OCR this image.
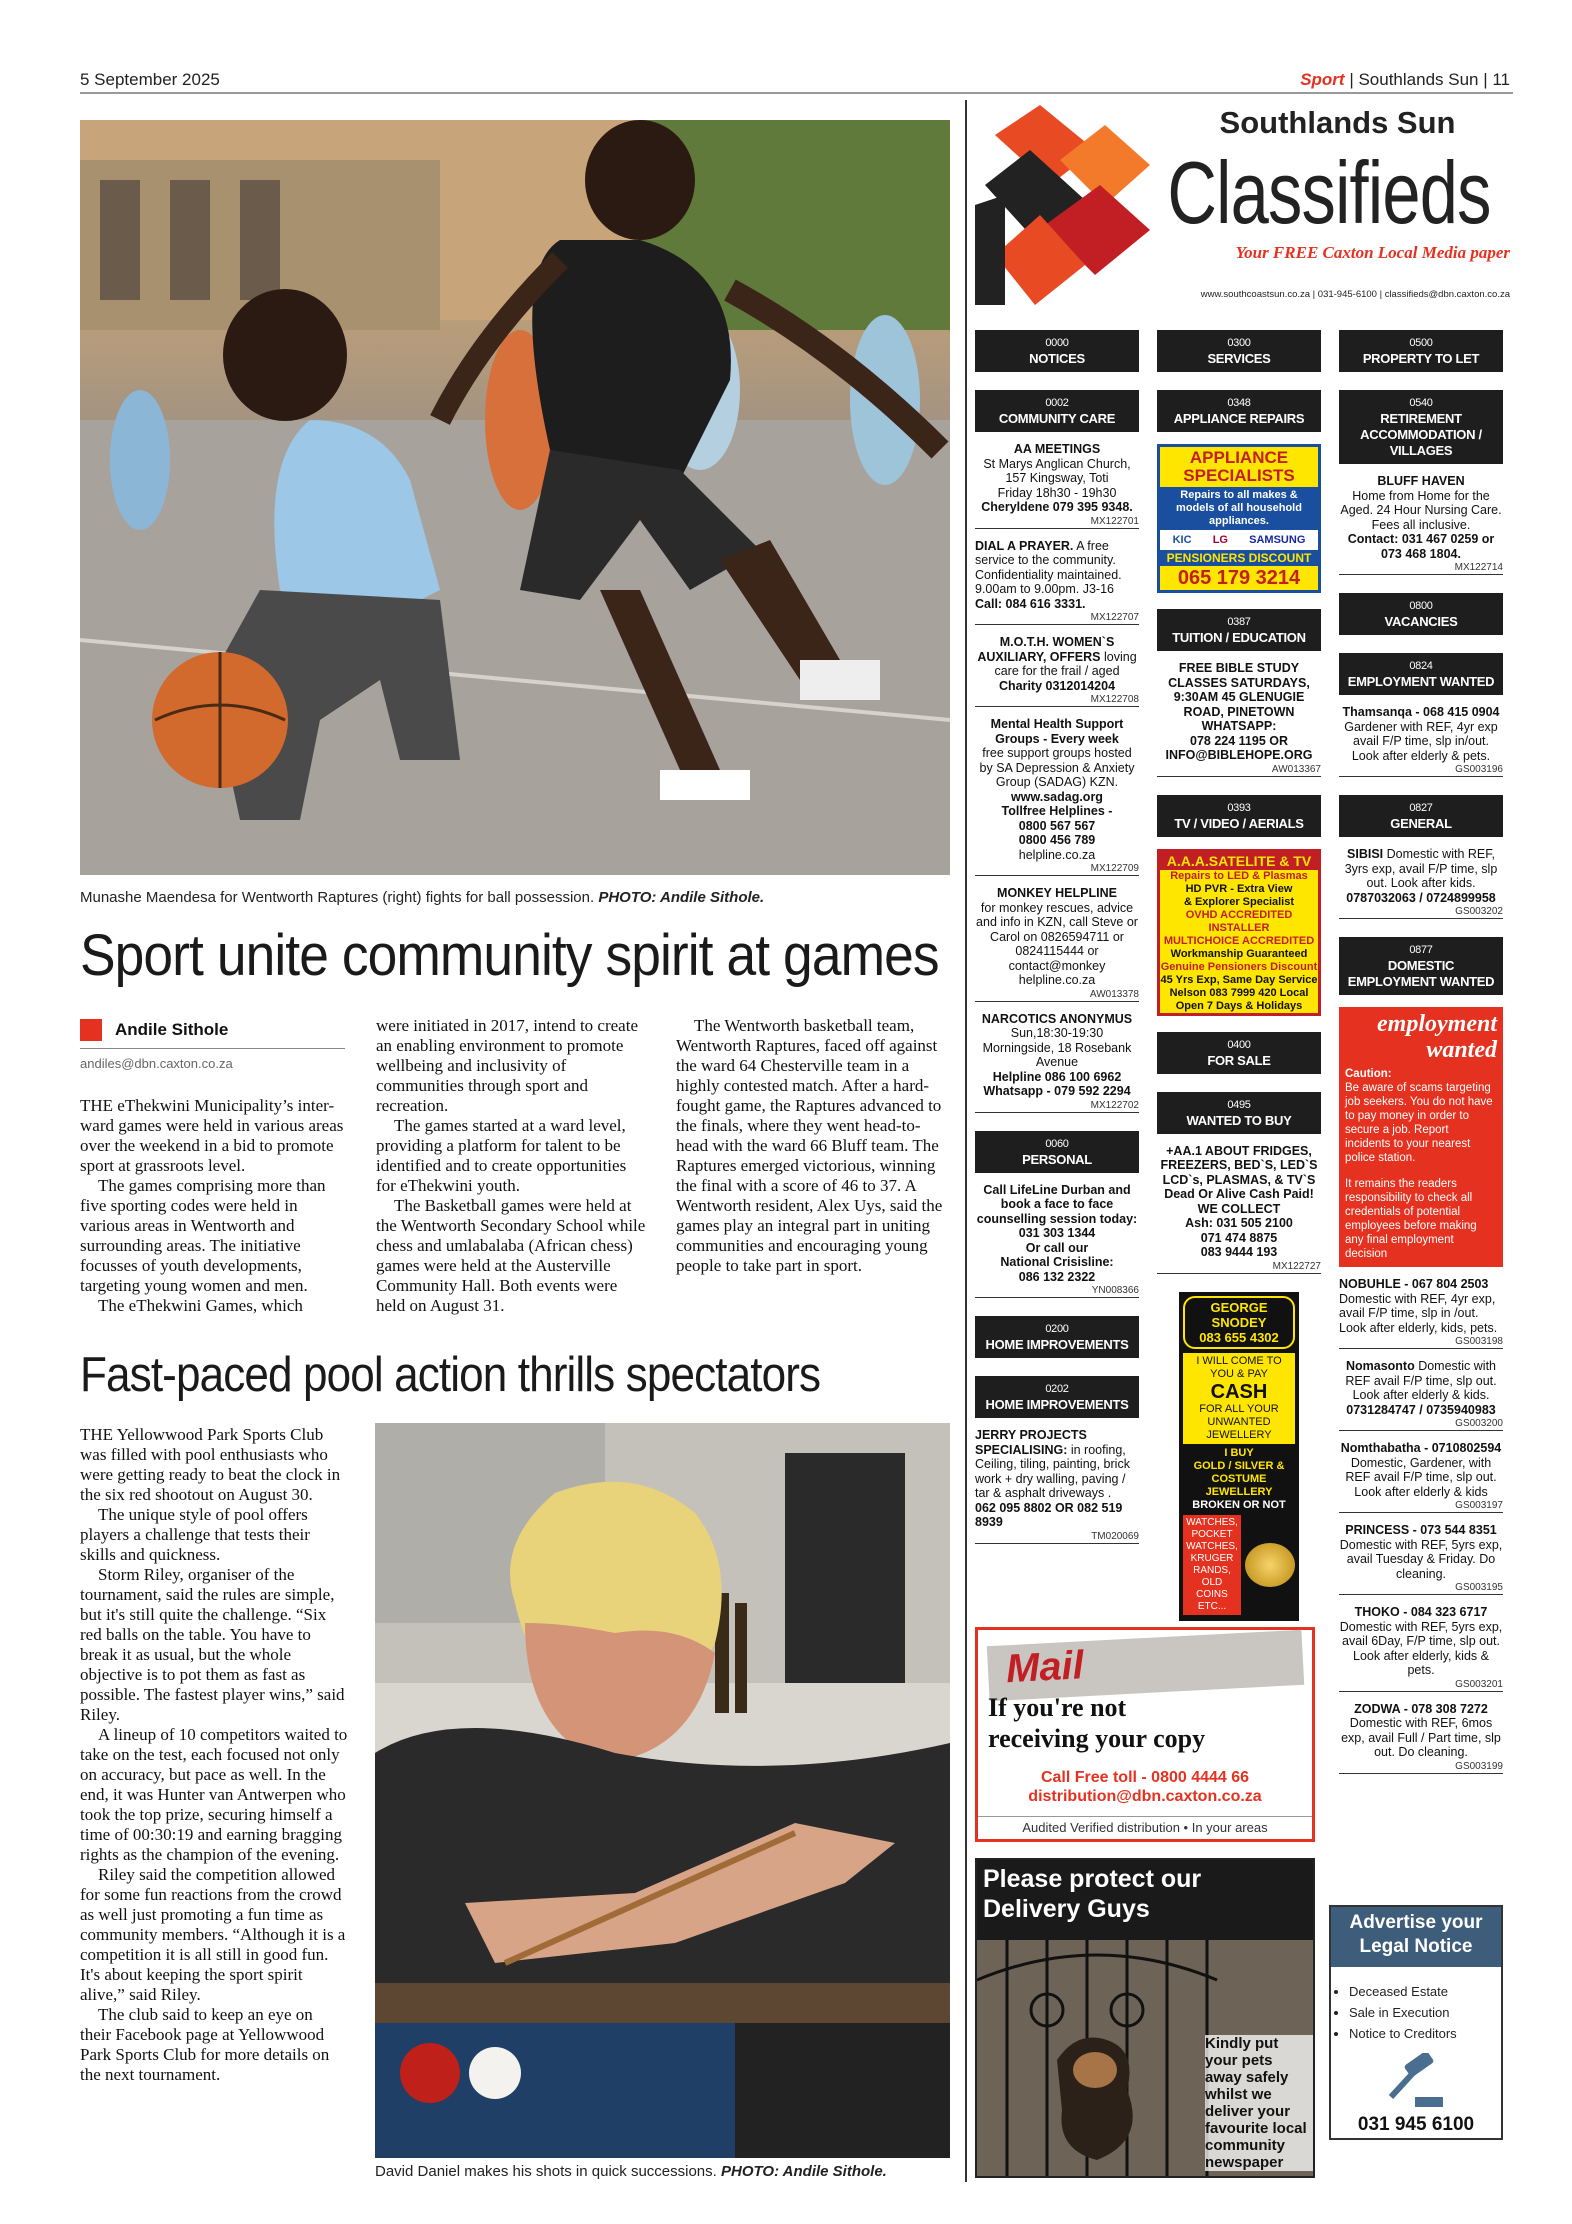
5 September 2025	Sport | Southlands Sun | 11
Munashe Maendesa for Wentworth Raptures (right) fights for ball possession. PHOTO: Andile Sithole.
Sport unite community spirit at games
Andile Sithole
andiles@dbn.caxton.co.za

THE eThekwini Municipality’s inter-ward games were held in various areas over the weekend in a bid to promote sport at grassroots level.

The games comprising more than five sporting codes were held in various areas in Wentworth and surrounding areas. The initiative focusses of youth developments, targeting young women and men.

The eThekwini Games, which

were initiated in 2017, intend to create an enabling environment to promote wellbeing and inclusivity of communities through sport and recreation.

The games started at a ward level, providing a platform for talent to be identified and to create opportunities for eThekwini youth.

The Basketball games were held at the Wentworth Secondary School while chess and umlabalaba (African chess) games were held at the Austerville Community Hall. Both events were held on August 31.

The Wentworth basketball team, Wentworth Raptures, faced off against the ward 64 Chesterville team in a highly contested match. After a hard-fought game, the Raptures advanced to the finals, where they went head-to-head with the ward 66 Bluff team. The Raptures emerged victorious, winning the final with a score of 46 to 37. A Wentworth resident, Alex Uys, said the games play an integral part in uniting communities and encouraging young people to take part in sport.

Fast-paced pool action thrills spectators

THE Yellowwood Park Sports Club was filled with pool enthusiasts who were getting ready to beat the clock in the six red shootout on August 30.

The unique style of pool offers players a challenge that tests their skills and quickness.

Storm Riley, organiser of the tournament, said the rules are simple, but it's still quite the challenge. “Six red balls on the table. You have to break it as usual, but the whole objective is to pot them as fast as possible. The fastest player wins,” said Riley.

A lineup of 10 competitors waited to take on the test, each focused not only on accuracy, but pace as well. In the end, it was Hunter van Antwerpen who took the top prize, securing himself a time of 00:30:19 and earning bragging rights as the champion of the evening.

Riley said the competition allowed for some fun reactions from the crowd as well just promoting a fun time as community members. “Although it is a competition it is all still in good fun. It's about keeping the sport spirit alive,” said Riley.

The club said to keep an eye on their Facebook page at Yellowwood Park Sports Club for more details on the next tournament.

David Daniel makes his shots in quick successions. PHOTO: Andile Sithole.
Southlands Sun
Classifieds
Your FREE Caxton Local Media paper
www.southcoastsun.co.za | 031-945-6100 | classifieds@dbn.caxton.co.za
0000
NOTICES
0002
COMMUNITY CARE
AA MEETINGS
St Marys Anglican Church, 157 Kingsway, Toti
Friday 18h30 - 19h30
Cheryldene 079 395 9348.
MX122701
DIAL A PRAYER. A free service to the community. Confidentiality maintained. 9.00am to 9.00pm. J3-16
Call: 084 616 3331.
MX122707
M.O.T.H. WOMEN`S AUXILIARY, OFFERS loving care for the frail / aged Charity 0312014204
MX122708
Mental Health Support Groups - Every week
free support groups hosted by SA Depression & Anxiety Group (SADAG) KZN.
www.sadag.org
Tollfree Helplines -
0800 567 567
0800 456 789
helpline.co.za
MX122709
MONKEY HELPLINE
for monkey rescues, advice and info in KZN, call Steve or Carol on 0826594711 or 0824115444 or contact@monkey helpline.co.za
AW013378
NARCOTICS ANONYMUS
Sun,18:30-19:30 Morningside, 18 Rosebank Avenue
Helpline 086 100 6962
Whatsapp - 079 592 2294
MX122702
0060
PERSONAL
Call LifeLine Durban and book a face to face counselling session today: 031 303 1344
Or call our
National Crisisline:
086 132 2322
YN008366
0200
HOME IMPROVEMENTS
0202
HOME IMPROVEMENTS
JERRY PROJECTS SPECIALISING: in roofing, Ceiling, tiling, painting, brick work + dry walling, paving / tar & asphalt driveways .
062 095 8802 OR 082 519 8939
TM020069
0300
SERVICES
0348
APPLIANCE REPAIRS
APPLIANCE
SPECIALISTS
Repairs to all makes & models of all household appliances.
KIC LG SAMSUNG
PENSIONERS DISCOUNT
065 179 3214
0387
TUITION / EDUCATION
FREE BIBLE STUDY CLASSES SATURDAYS, 9:30AM 45 GLENUGIE ROAD, PINETOWN
WHATSAPP:
078 224 1195 OR INFO@BIBLEHOPE.ORG
AW013367
0393
TV / VIDEO / AERIALS
A.A.A.SATELITE & TV
Repairs to LED & Plasmas
HD PVR - Extra View
& Explorer Specialist
OVHD ACCREDITED INSTALLER
MULTICHOICE ACCREDITED
Workmanship Guaranteed
Genuine Pensioners Discount
45 Yrs Exp, Same Day Service
Nelson 083 7999 420 Local
Open 7 Days & Holidays
0400
FOR SALE
0495
WANTED TO BUY
+AA.1 ABOUT FRIDGES, FREEZERS, BED`S, LED`S LCD`s, PLASMAS, & TV`S
Dead Or Alive Cash Paid!
WE COLLECT
Ash: 031 505 2100
071 474 8875
083 9444 193
MX122727
GEORGE SNODEY
083 655 4302
I WILL COME TO YOU & PAY
CASH
FOR ALL YOUR UNWANTED JEWELLERY
I BUY
GOLD / SILVER & COSTUME JEWELLERY
BROKEN OR NOT
WATCHES, POCKET WATCHES, KRUGER RANDS, OLD COINS ETC...
0500
PROPERTY TO LET
0540
RETIREMENT ACCOMMODATION / VILLAGES
BLUFF HAVEN
Home from Home for the Aged. 24 Hour Nursing Care. Fees all inclusive.
Contact: 031 467 0259 or 073 468 1804.
MX122714
0800
VACANCIES
0824
EMPLOYMENT WANTED
Thamsanqa - 068 415 0904 Gardener with REF, 4yr exp avail F/P time, slp in/out. Look after elderly & pets.
GS003196
0827
GENERAL
SIBISI Domestic with REF, 3yrs exp, avail F/P time, slp out. Look after kids.
0787032063 / 0724899958
GS003202
0877
DOMESTIC EMPLOYMENT WANTED
employment
wanted
Caution:
Be aware of scams targeting job seekers. You do not have to pay money in order to secure a job. Report incidents to your nearest police station.
It remains the readers responsibility to check all credentials of potential employees before making any final employment decision
NOBUHLE - 067 804 2503 Domestic with REF, 4yr exp, avail F/P time, slp in /out. Look after elderly, kids, pets.
GS003198
Nomasonto Domestic with REF avail F/P time, slp out. Look after elderly & kids.
0731284747 / 0735940983
GS003200
Nomthabatha - 0710802594 Domestic, Gardener, with REF avail F/P time, slp out. Look after elderly & kids
GS003197
PRINCESS - 073 544 8351
Domestic with REF, 5yrs exp, avail Tuesday & Friday. Do cleaning.
GS003195
THOKO - 084 323 6717 Domestic with REF, 5yrs exp, avail 6Day, F/P time, slp out. Look after elderly, kids & pets.
GS003201
ZODWA - 078 308 7272 Domestic with REF, 6mos exp, avail Full / Part time, slp out. Do cleaning.
GS003199
Mail
If you're not
receiving your copy
Call Free toll - 0800 4444 66
distribution@dbn.caxton.co.za
Audited Verified distribution • In your areas
Please protect our Delivery Guys
Kindly put your pets away safely whilst we deliver your favourite local community newspaper
Advertise your
Legal Notice
• Deceased Estate
• Sale in Execution
• Notice to Creditors
031 945 6100
